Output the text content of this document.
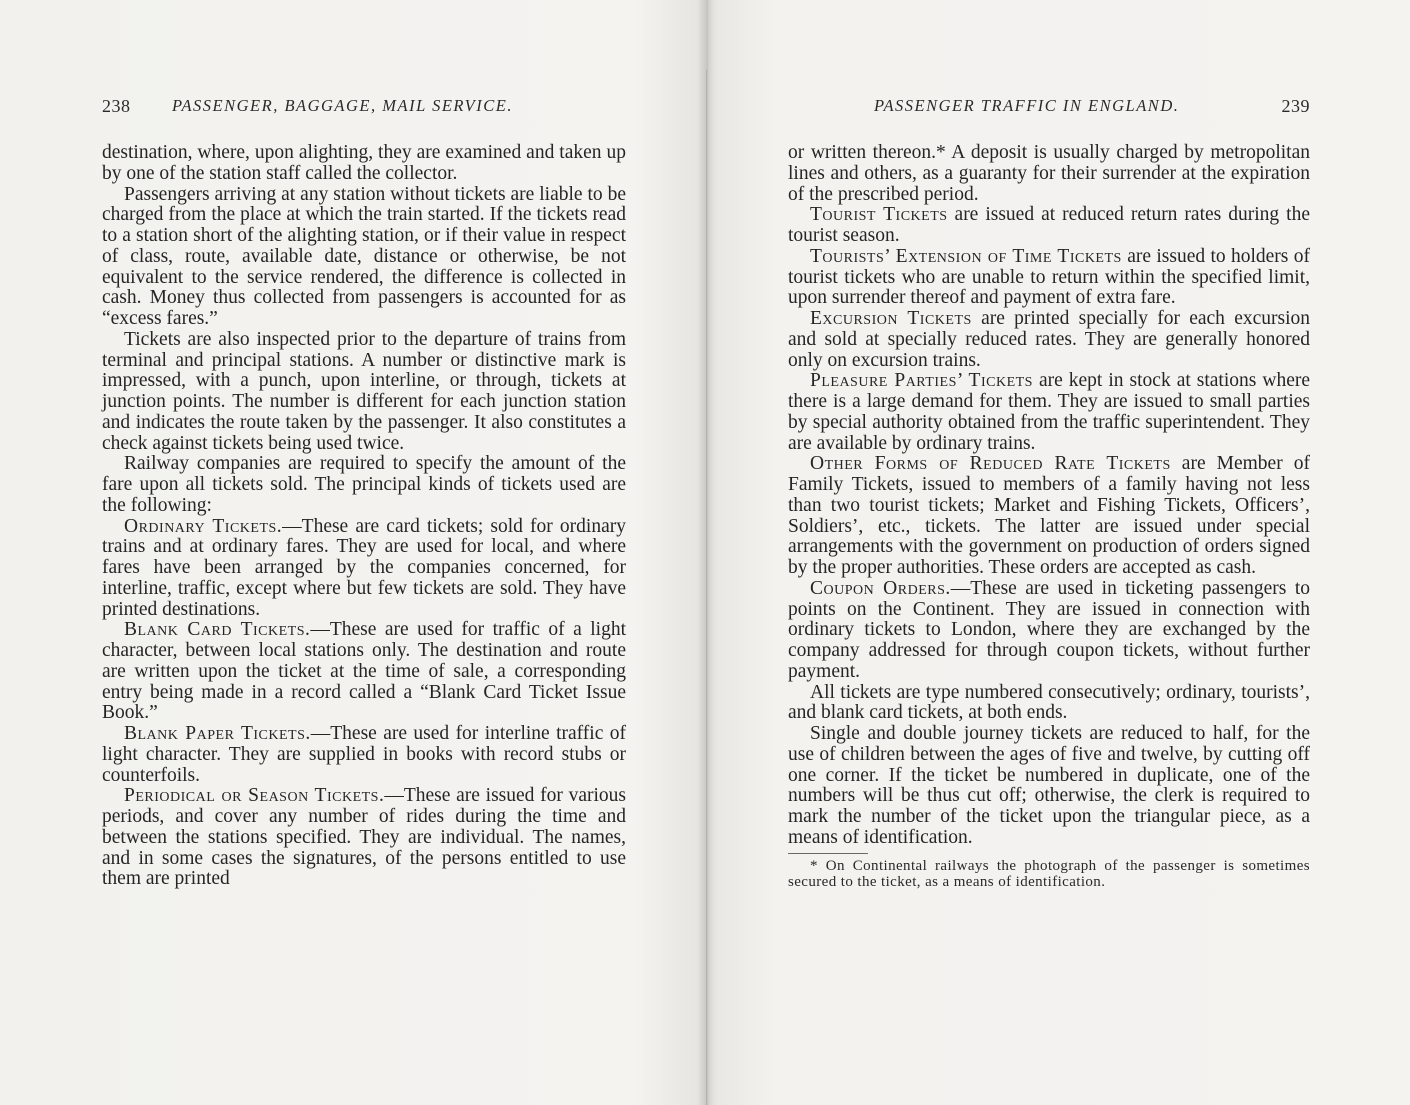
238	PASSENGER, BAGGAGE, MAIL SERVICE.

destination, where, upon alighting, they are examined and taken up by one of the station staff called the collector.

Passengers arriving at any station without tickets are liable to be charged from the place at which the train started. If the tickets read to a station short of the alighting station, or if their value in respect of class, route, available date, distance or otherwise, be not equivalent to the service rendered, the difference is collected in cash. Money thus collected from passengers is accounted for as “excess fares.”

Tickets are also inspected prior to the departure of trains from terminal and principal stations. A number or distinctive mark is impressed, with a punch, upon interline, or through, tickets at junction points. The number is different for each junction station and indicates the route taken by the passenger. It also constitutes a check against tickets being used twice.

Railway companies are required to specify the amount of the fare upon all tickets sold. The principal kinds of tickets used are the following:

Ordinary Tickets.—These are card tickets; sold for ordinary trains and at ordinary fares. They are used for local, and where fares have been arranged by the companies concerned, for interline, traffic, except where but few tickets are sold. They have printed destinations.

Blank Card Tickets.—These are used for traffic of a light character, between local stations only. The destination and route are written upon the ticket at the time of sale, a corresponding entry being made in a record called a “Blank Card Ticket Issue Book.”

Blank Paper Tickets.—These are used for interline traffic of light character. They are supplied in books with record stubs or counterfoils.

Periodical or Season Tickets.—These are issued for various periods, and cover any number of rides during the time and between the stations specified. They are individual. The names, and in some cases the signatures, of the persons entitled to use them are printed

PASSENGER TRAFFIC IN ENGLAND.	239

or written thereon.* A deposit is usually charged by metropolitan lines and others, as a guaranty for their surrender at the expiration of the prescribed period.

Tourist Tickets are issued at reduced return rates during the tourist season.

Tourists’ Extension of Time Tickets are issued to holders of tourist tickets who are unable to return within the specified limit, upon surrender thereof and payment of extra fare.

Excursion Tickets are printed specially for each excursion and sold at specially reduced rates. They are generally honored only on excursion trains.

Pleasure Parties’ Tickets are kept in stock at stations where there is a large demand for them. They are issued to small parties by special authority obtained from the traffic superintendent. They are available by ordinary trains.

Other Forms of Reduced Rate Tickets are Member of Family Tickets, issued to members of a family having not less than two tourist tickets; Market and Fishing Tickets, Officers’, Soldiers’, etc., tickets. The latter are issued under special arrangements with the government on production of orders signed by the proper authorities. These orders are accepted as cash.

Coupon Orders.—These are used in ticketing passengers to points on the Continent. They are issued in connection with ordinary tickets to London, where they are exchanged by the company addressed for through coupon tickets, without further payment.

All tickets are type numbered consecutively; ordinary, tourists’, and blank card tickets, at both ends.

Single and double journey tickets are reduced to half, for the use of children between the ages of five and twelve, by cutting off one corner. If the ticket be numbered in duplicate, one of the numbers will be thus cut off; otherwise, the clerk is required to mark the number of the ticket upon the triangular piece, as a means of identification.

* On Continental railways the photograph of the passenger is sometimes secured to the ticket, as a means of identification.
